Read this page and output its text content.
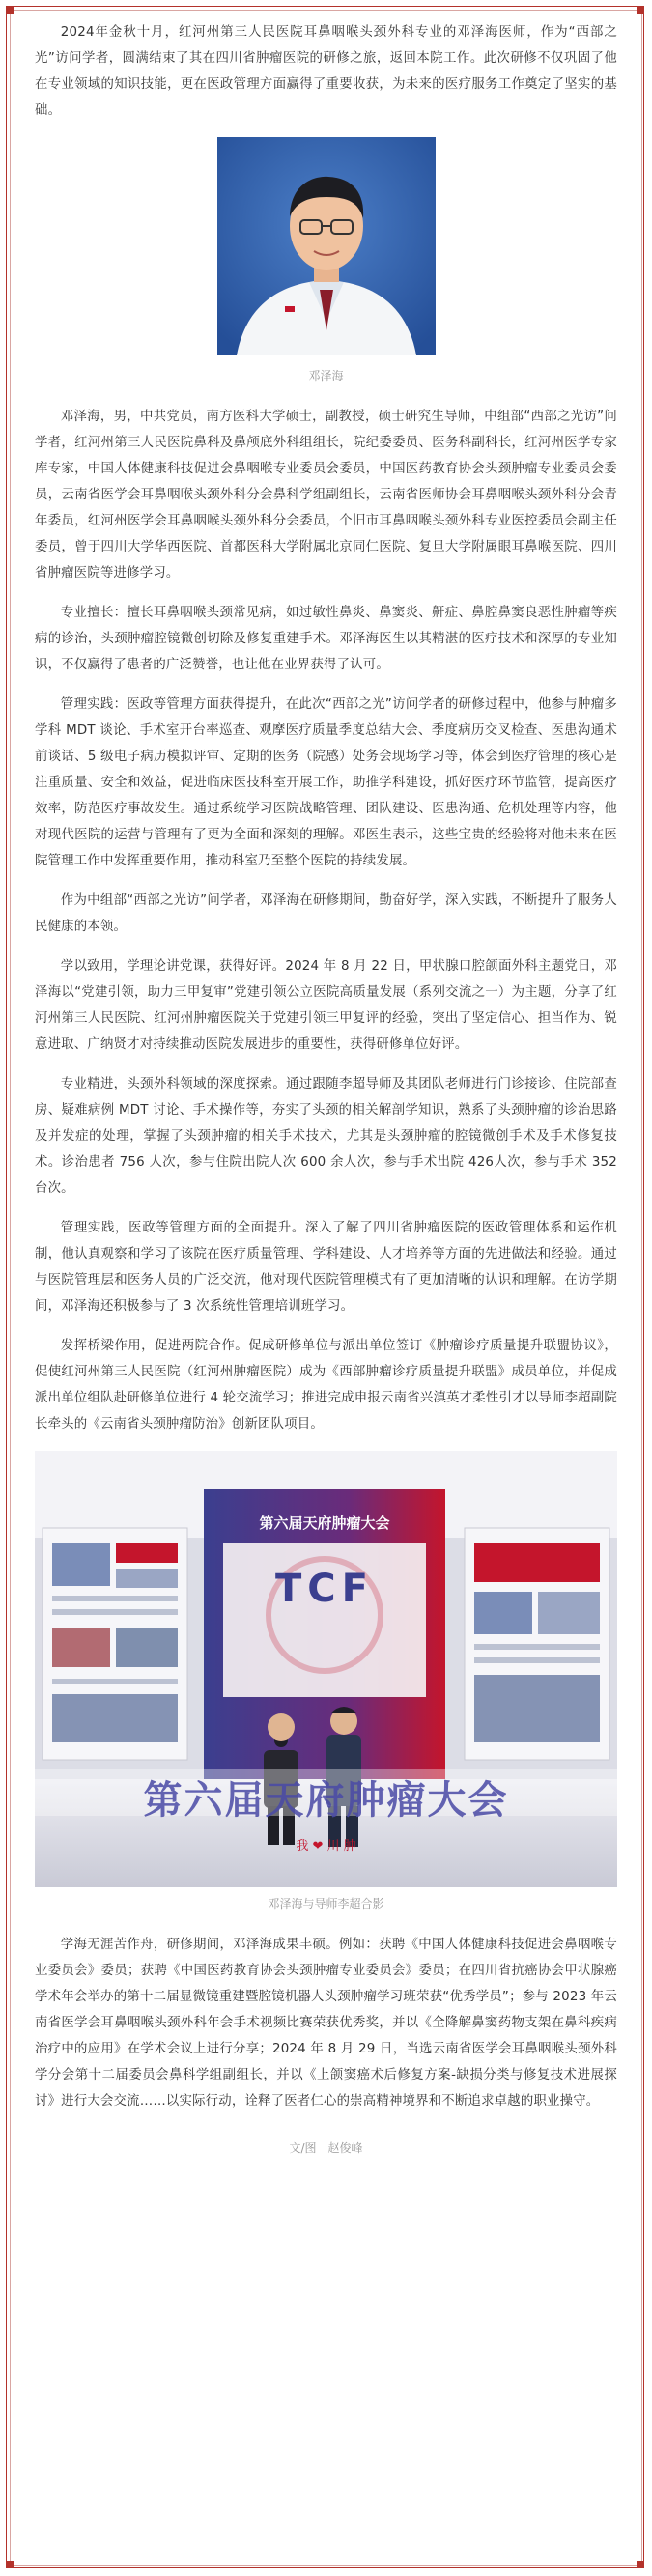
2024年金秋十月，红河州第三人民医院耳鼻咽喉头颈外科专业的邓泽海医师，作为“西部之光”访问学者，圆满结束了其在四川省肿瘤医院的研修之旅，返回本院工作。此次研修不仅巩固了他在专业领域的知识技能，更在医政管理方面赢得了重要收获，为未来的医疗服务工作奠定了坚实的基础。

邓泽海

邓泽海，男，中共党员，南方医科大学硕士，副教授，硕士研究生导师，中组部“西部之光访”问学者，红河州第三人民医院鼻科及鼻颅底外科组组长，院纪委委员、医务科副科长，红河州医学专家库专家，中国人体健康科技促进会鼻咽喉专业委员会委员，中国医药教育协会头颈肿瘤专业委员会委员，云南省医学会耳鼻咽喉头颈外科分会鼻科学组副组长，云南省医师协会耳鼻咽喉头颈外科分会青年委员，红河州医学会耳鼻咽喉头颈外科分会委员，个旧市耳鼻咽喉头颈外科专业医控委员会副主任委员，曾于四川大学华西医院、首都医科大学附属北京同仁医院、复旦大学附属眼耳鼻喉医院、四川省肿瘤医院等进修学习。

专业擅长：擅长耳鼻咽喉头颈常见病，如过敏性鼻炎、鼻窦炎、鼾症、鼻腔鼻窦良恶性肿瘤等疾病的诊治，头颈肿瘤腔镜微创切除及修复重建手术。邓泽海医生以其精湛的医疗技术和深厚的专业知识，不仅赢得了患者的广泛赞誉，也让他在业界获得了认可。

管理实践：医政等管理方面获得提升，在此次“西部之光”访问学者的研修过程中，他参与肿瘤多学科 MDT 谈论、手术室开台率巡查、观摩医疗质量季度总结大会、季度病历交叉检查、医患沟通术前谈话、5 级电子病历模拟评审、定期的医务（院感）处务会现场学习等，体会到医疗管理的核心是注重质量、安全和效益，促进临床医技科室开展工作，助推学科建设，抓好医疗环节监管，提高医疗效率，防范医疗事故发生。通过系统学习医院战略管理、团队建设、医患沟通、危机处理等内容，他对现代医院的运营与管理有了更为全面和深刻的理解。邓医生表示，这些宝贵的经验将对他未来在医院管理工作中发挥重要作用，推动科室乃至整个医院的持续发展。

作为中组部“西部之光访”问学者，邓泽海在研修期间，勤奋好学，深入实践，不断提升了服务人民健康的本领。

学以致用，学理论讲党课，获得好评。2024 年 8 月 22 日，甲状腺口腔颌面外科主题党日，邓泽海以“党建引领，助力三甲复审”党建引领公立医院高质量发展（系列交流之一）为主题，分享了红河州第三人民医院、红河州肿瘤医院关于党建引领三甲复评的经验，突出了坚定信心、担当作为、锐意进取、广纳贤才对持续推动医院发展进步的重要性，获得研修单位好评。

专业精进，头颈外科领域的深度探索。通过跟随李超导师及其团队老师进行门诊接诊、住院部查房、疑难病例 MDT 讨论、手术操作等，夯实了头颈的相关解剖学知识，熟系了头颈肿瘤的诊治思路及并发症的处理，掌握了头颈肿瘤的相关手术技术，尤其是头颈肿瘤的腔镜微创手术及手术修复技术。诊治患者 756 人次，参与住院出院人次 600 余人次，参与手术出院 426人次，参与手术 352 台次。

管理实践，医政等管理方面的全面提升。深入了解了四川省肿瘤医院的医政管理体系和运作机制，他认真观察和学习了该院在医疗质量管理、学科建设、人才培养等方面的先进做法和经验。通过与医院管理层和医务人员的广泛交流，他对现代医院管理模式有了更加清晰的认识和理解。在访学期间，邓泽海还积极参与了 3 次系统性管理培训班学习。

发挥桥梁作用，促进两院合作。促成研修单位与派出单位签订《肿瘤诊疗质量提升联盟协议》，促使红河州第三人民医院（红河州肿瘤医院）成为《西部肿瘤诊疗质量提升联盟》成员单位，并促成派出单位组队赴研修单位进行 4 轮交流学习；推进完成申报云南省兴滇英才柔性引才以导师李超副院长牵头的《云南省头颈肿瘤防治》创新团队项目。

第六届天府肿瘤大会
TCF
第六届天府肿瘤大会
我 ❤ 川 肿
邓泽海与导师李超合影

学海无涯苦作舟，研修期间，邓泽海成果丰硕。例如：获聘《中国人体健康科技促进会鼻咽喉专业委员会》委员；获聘《中国医药教育协会头颈肿瘤专业委员会》委员；在四川省抗癌协会甲状腺癌学术年会举办的第十二届显微镜重建暨腔镜机器人头颈肿瘤学习班荣获“优秀学员”；参与 2023 年云南省医学会耳鼻咽喉头颈外科年会手术视频比赛荣获优秀奖，并以《全降解鼻窦药物支架在鼻科疾病治疗中的应用》在学术会议上进行分享；2024 年 8 月 29 日，当选云南省医学会耳鼻咽喉头颈外科学分会第十二届委员会鼻科学组副组长，并以《上颌窦癌术后修复方案-缺损分类与修复技术进展探讨》进行大会交流……以实际行动，诠释了医者仁心的崇高精神境界和不断追求卓越的职业操守。

文/图　赵俊峰
